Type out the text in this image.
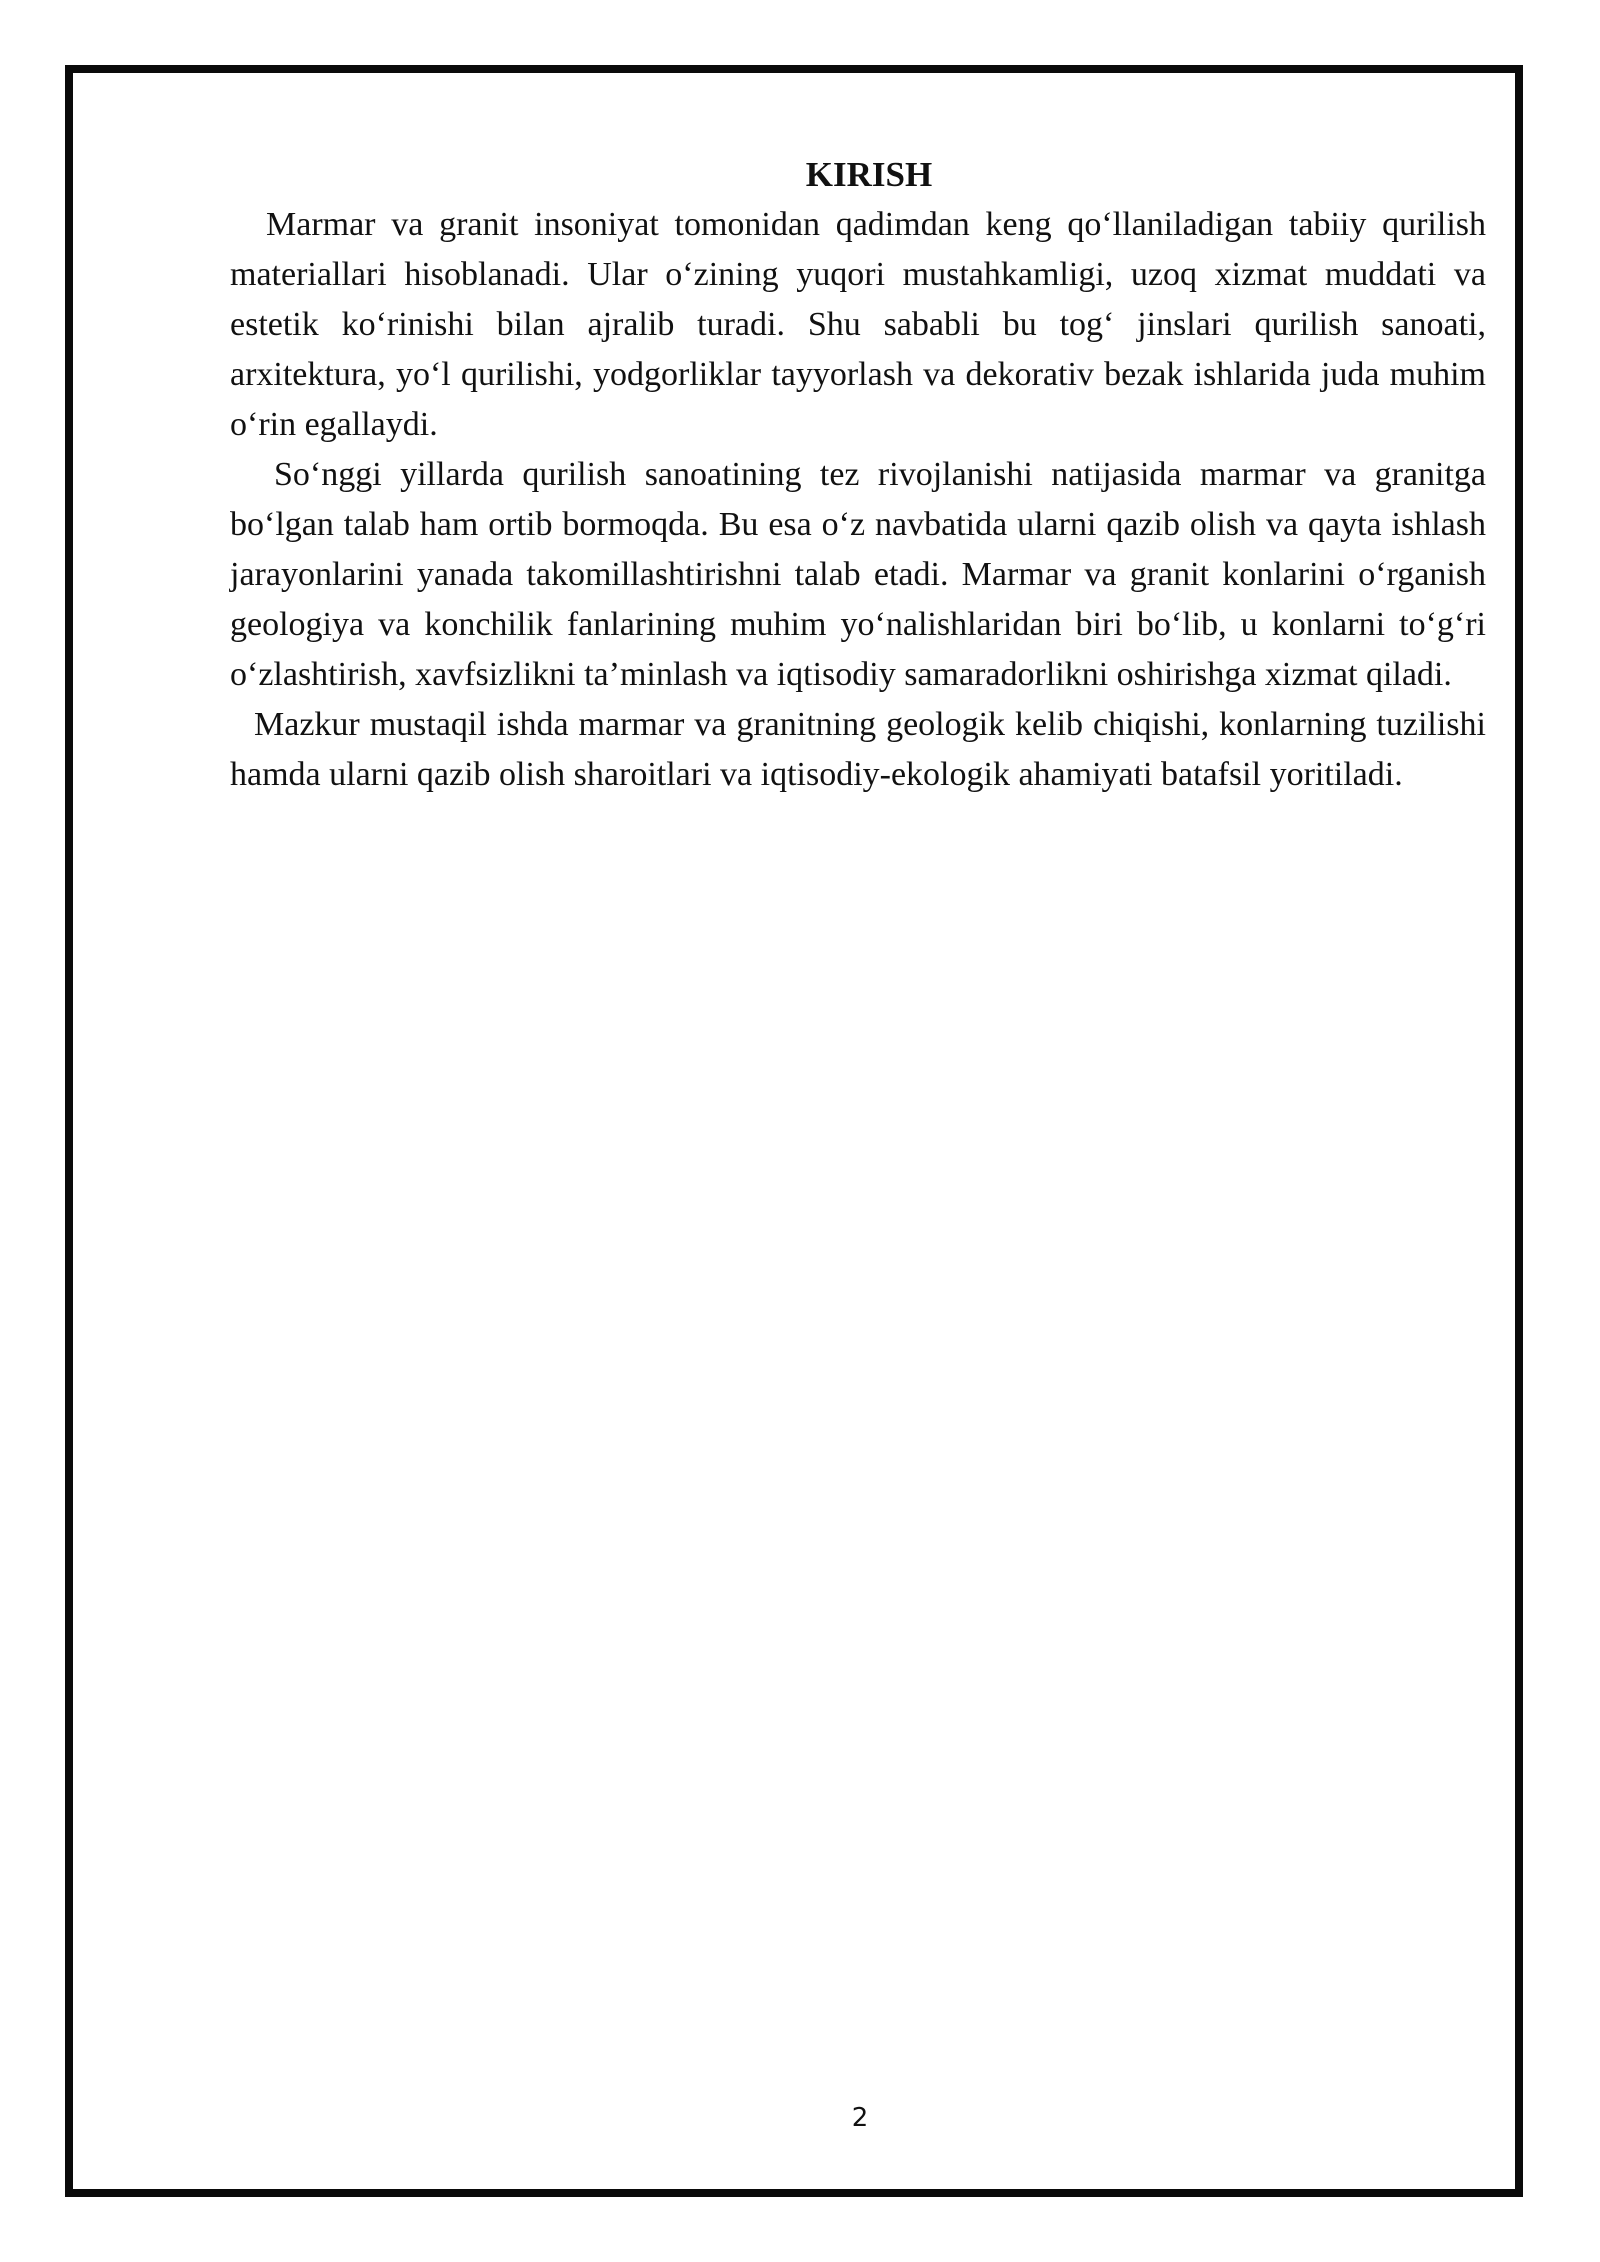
KIRISH

Marmar va granit insoniyat tomonidan qadimdan keng qo‘llaniladigan tabiiy qurilish materiallari hisoblanadi. Ular o‘zining yuqori mustahkamligi, uzoq xizmat muddati va estetik ko‘rinishi bilan ajralib turadi. Shu sababli bu tog‘ jinslari qurilish sanoati, arxitektura, yo‘l qurilishi, yodgorliklar tayyorlash va dekorativ bezak ishlarida juda muhim o‘rin egallaydi.

So‘nggi yillarda qurilish sanoatining tez rivojlanishi natijasida marmar va granitga bo‘lgan talab ham ortib bormoqda. Bu esa o‘z navbatida ularni qazib olish va qayta ishlash jarayonlarini yanada takomillashtirishni talab etadi. Marmar va granit konlarini o‘rganish geologiya va konchilik fanlarining muhim yo‘nalishlaridan biri bo‘lib, u konlarni to‘g‘ri o‘zlashtirish, xavfsizlikni ta’minlash va iqtisodiy samaradorlikni oshirishga xizmat qiladi.

Mazkur mustaqil ishda marmar va granitning geologik kelib chiqishi, konlarning tuzilishi hamda ularni qazib olish sharoitlari va iqtisodiy-ekologik ahamiyati batafsil yoritiladi.

2
